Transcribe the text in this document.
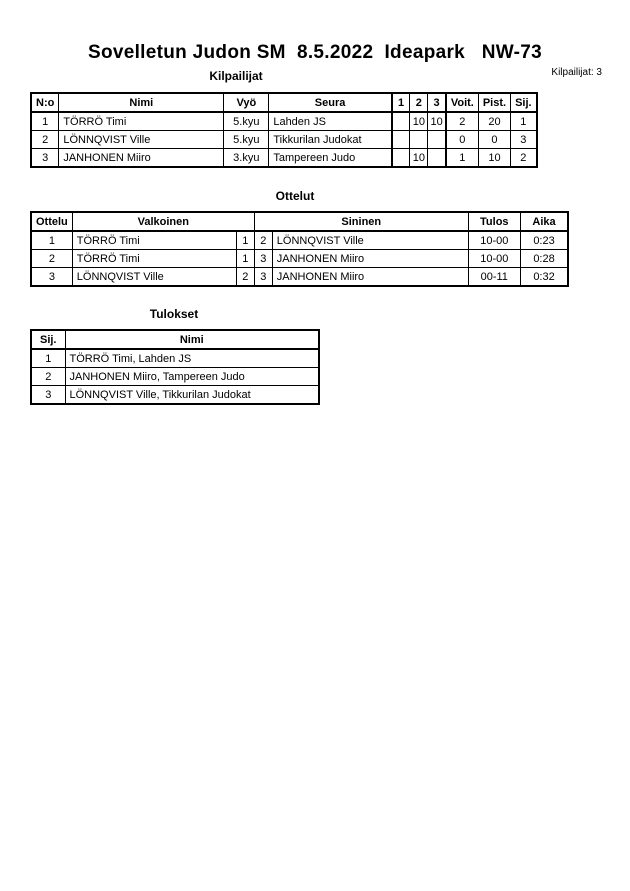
Sovelletun Judon SM  8.5.2022  Ideapark   NW-73
Kilpailijat: 3
Kilpailijat
N:o	Nimi	Vyö	Seura	1	2	3	Voit.	Pist.	Sij.
1	TÖRRÖ Timi	5.kyu	Lahden JS		10	10	2	20	1
2	LÖNNQVIST Ville	5.kyu	Tikkurilan Judokat				0	0	3
3	JANHONEN Miiro	3.kyu	Tampereen Judo		10		1	10	2
Ottelut
Ottelu	Valkoinen		Sininen		Tulos	Aika
1	TÖRRÖ Timi	1	2	LÖNNQVIST Ville	10-00	0:23
2	TÖRRÖ Timi	1	3	JANHONEN Miiro	10-00	0:28
3	LÖNNQVIST Ville	2	3	JANHONEN Miiro	00-11	0:32
Tulokset
Sij.	Nimi
1	TÖRRÖ Timi, Lahden JS
2	JANHONEN Miiro, Tampereen Judo
3	LÖNNQVIST Ville, Tikkurilan Judokat
